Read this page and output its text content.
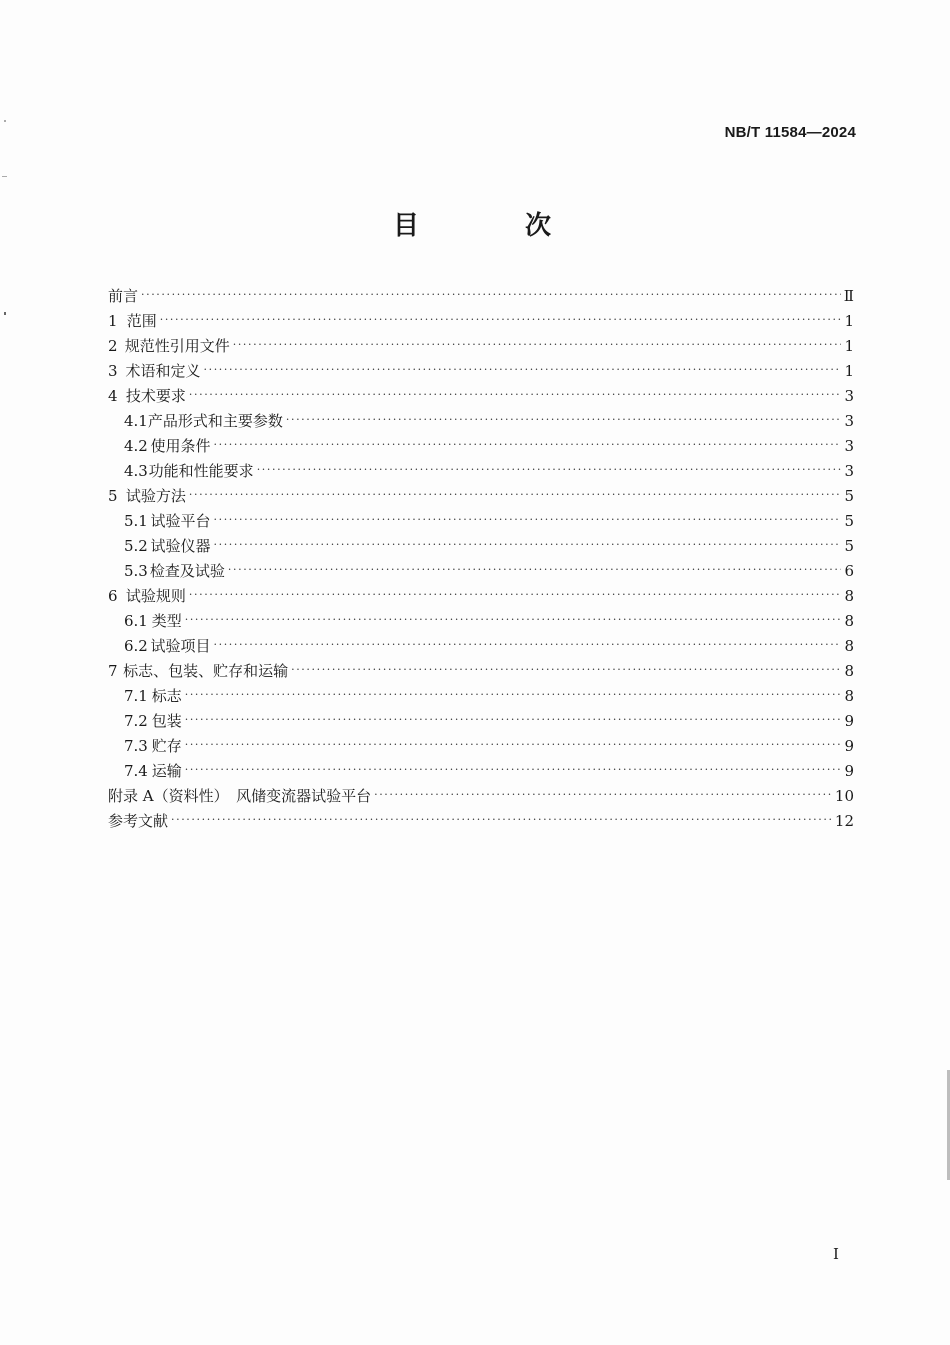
NB/T 11584—2024
目　次
前言 ·····	Ⅱ
1 范围 ·····	1
2 规范性引用文件 ·····	1
3 术语和定义 ·····	1
4 技术要求 ·····	3
4.1 产品形式和主要参数 ·····	3
4.2 使用条件 ·····	3
4.3 功能和性能要求 ·····	3
5 试验方法 ·····	5
5.1 试验平台 ·····	5
5.2 试验仪器 ·····	5
5.3 检查及试验 ·····	6
6 试验规则 ·····	8
6.1 类型 ·····	8
6.2 试验项目 ·····	8
7 标志、包装、贮存和运输 ·····	8
7.1 标志 ·····	8
7.2 包装 ·····	9
7.3 贮存 ·····	9
7.4 运输 ·····	9
附录 A（资料性）　风储变流器试验平台 ·····	10
参考文献 ·····	12
I
